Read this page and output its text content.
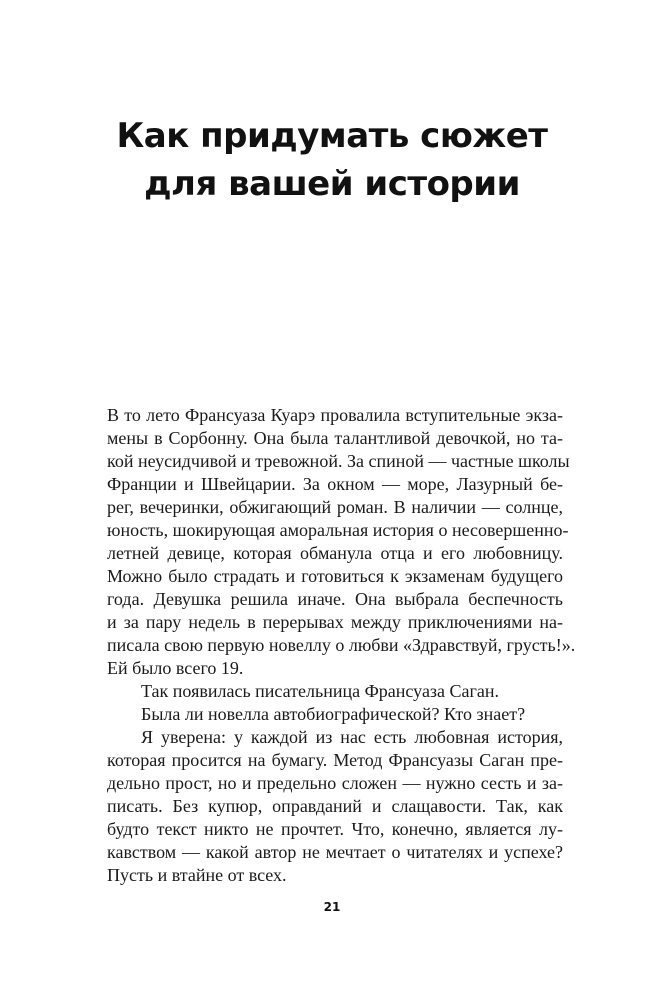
Как придумать сюжет
для вашей истории
В то лето Франсуаза Куарэ провалила вступительные экза-
мены в Сорбонну. Она была талантливой девочкой, но та-
кой неусидчивой и тревожной. За спиной — частные школы
Франции и Швейцарии. За окном — море, Лазурный бе-
рег, вечеринки, обжигающий роман. В наличии — солнце,
юность, шокирующая аморальная история о несовершенно-
летней девице, которая обманула отца и его любовницу.
Можно было страдать и готовиться к экзаменам будущего
года. Девушка решила иначе. Она выбрала беспечность
и за пару недель в перерывах между приключениями на-
писала свою первую новеллу о любви «Здравствуй, грусть!».
Ей было всего 19.
Так появилась писательница Франсуаза Саган.
Была ли новелла автобиографической? Кто знает?
Я уверена: у каждой из нас есть любовная история,
которая просится на бумагу. Метод Франсуазы Саган пре-
дельно прост, но и предельно сложен — нужно сесть и за-
писать. Без купюр, оправданий и слащавости. Так, как
будто текст никто не прочтет. Что, конечно, является лу-
кавством — какой автор не мечтает о читателях и успехе?
Пусть и втайне от всех.
21
